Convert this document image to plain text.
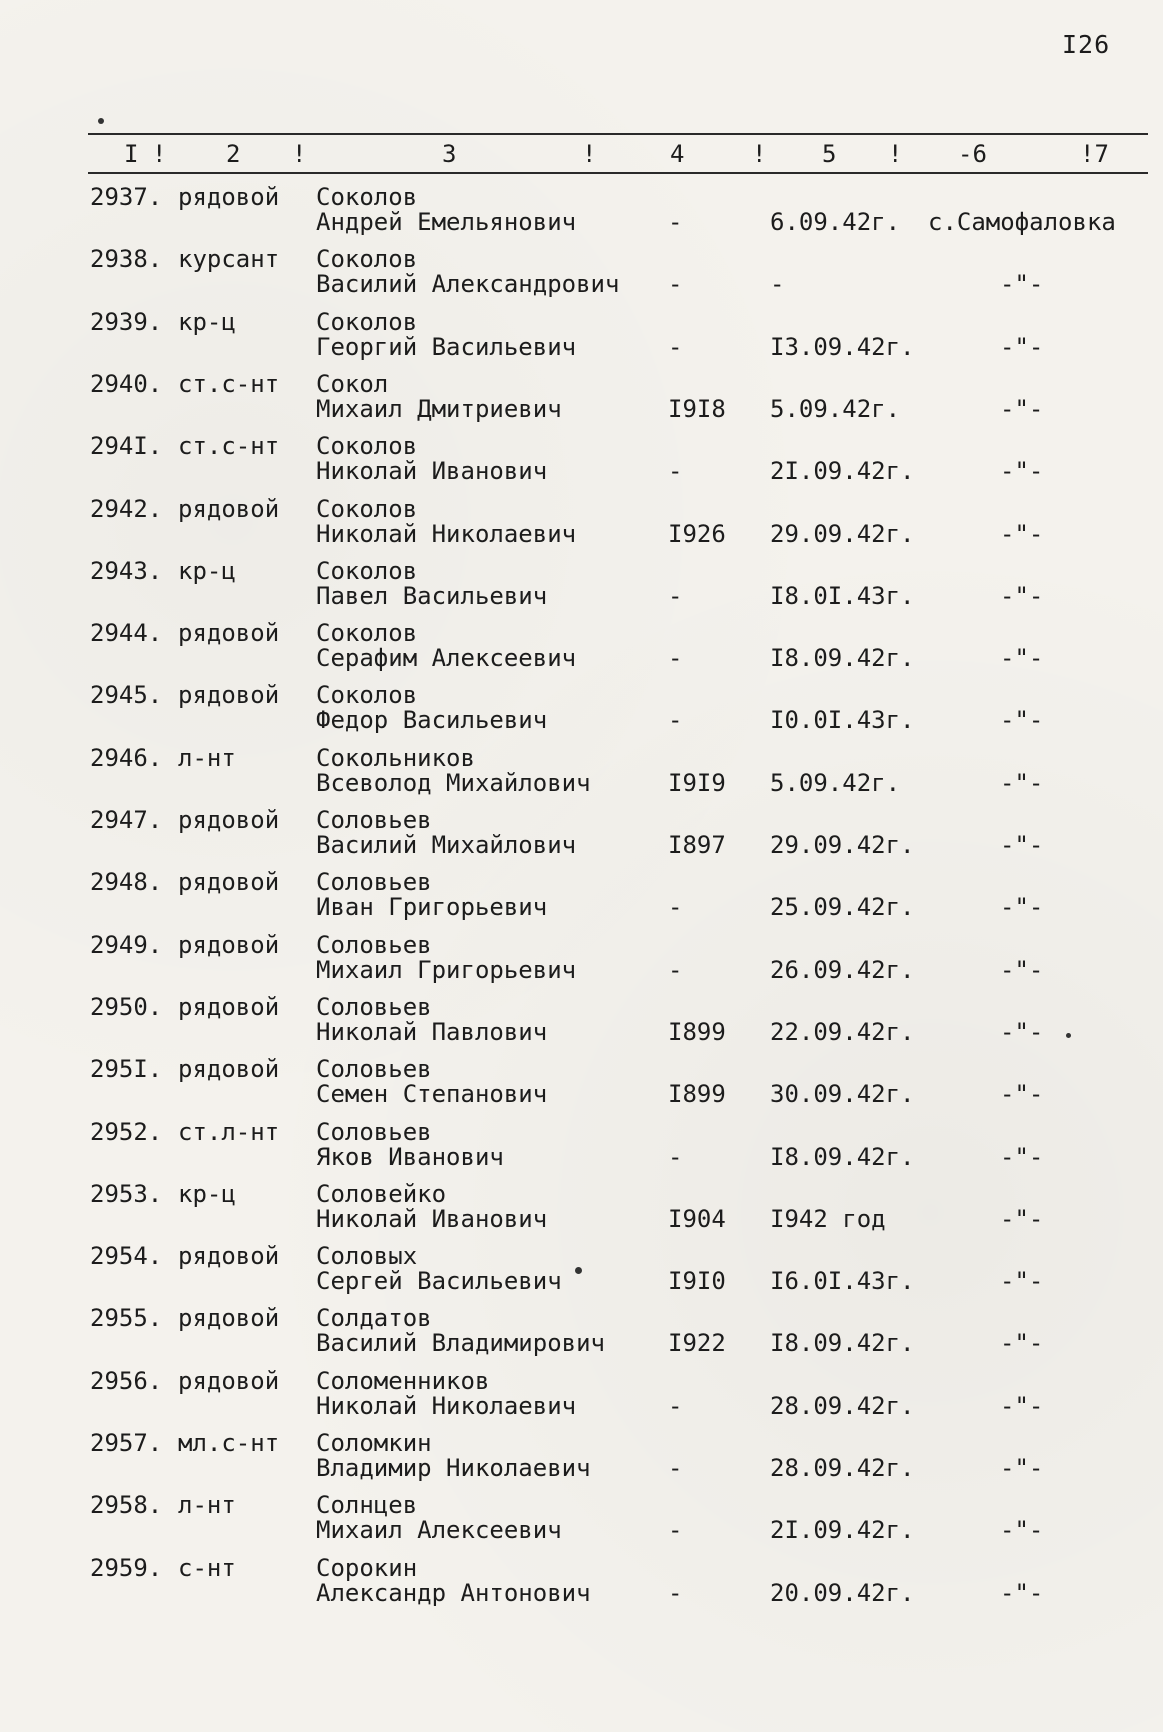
I26
I ! 2 !	3	!	4	! 5 ! -6	!7
2937. рядовой Соколов
Андрей Емельянович	-	6.09.42г. с.Самофаловка
2938. курсант Соколов
Василий Александрович -	-	-"-
2939. кр-ц	Соколов
Георгий Васильевич	-	I3.09.42г.	-"-
2940. ст.с-нт Сокол
Михаил Дмитриевич	I9I8 5.09.42г.	-"-
294I. ст.с-нт Соколов
Николай Иванович	-	2I.09.42г.	-"-
2942. рядовой Соколов
Николай Николаевич	I926 29.09.42г.	-"-
2943. кр-ц	Соколов
Павел Васильевич	-	I8.0I.43г.	-"-
2944. рядовой Соколов
Серафим Алексеевич	-	I8.09.42г.	-"-
2945. рядовой Соколов
Федор Васильевич	-	I0.0I.43г.	-"-
2946. л-нт	Сокольников
Всеволод Михайлович	I9I9 5.09.42г.	-"-
2947. рядовой Соловьев
Василий Михайлович	I897 29.09.42г.	-"-
2948. рядовой Соловьев
Иван Григорьевич	-	25.09.42г.	-"-
2949. рядовой Соловьев
Михаил Григорьевич	-	26.09.42г.	-"-
2950. рядовой Соловьев
Николай Павлович	I899 22.09.42г.	-"-
295I. рядовой Соловьев
Семен Степанович	I899 30.09.42г.	-"-
2952. ст.л-нт Соловьев
Яков Иванович	-	I8.09.42г.	-"-
2953. кр-ц	Соловейко
Николай Иванович	I904 I942 год	-"-
2954. рядовой Соловых
Сергей Васильевич	I9I0 I6.0I.43г.	-"-
2955. рядовой Солдатов
Василий Владимирович	I922 I8.09.42г.	-"-
2956. рядовой Соломенников
Николай Николаевич	-	28.09.42г.	-"-
2957. мл.с-нт Соломкин
Владимир Николаевич	-	28.09.42г.	-"-
2958. л-нт	Солнцев
Михаил Алексеевич	-	2I.09.42г.	-"-
2959. с-нт	Сорокин
Александр Антонович	-	20.09.42г.	-"-
